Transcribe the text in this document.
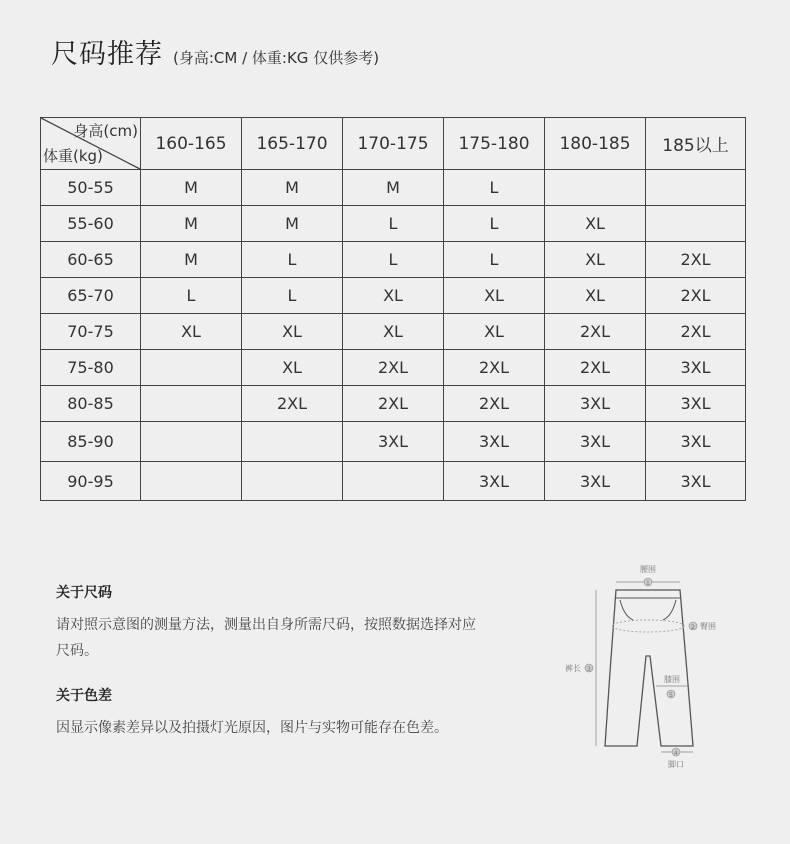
尺码推荐 (身高:CM / 体重:KG 仅供参考)
身高(cm)
体重(kg)	160-165	165-170	170-175	175-180	180-185	185以上
50-55	M	M	M	L		
55-60	M	M	L	L	XL	
60-65	M	L	L	L	XL	2XL
65-70	L	L	XL	XL	XL	2XL
70-75	XL	XL	XL	XL	2XL	2XL
75-80		XL	2XL	2XL	2XL	3XL
80-85		2XL	2XL	2XL	3XL	3XL
85-90			3XL	3XL	3XL	3XL
90-95				3XL	3XL	3XL
关于尺码

请对照示意图的测量方法，测量出自身所需尺码，按照数据选择对应尺码。

关于色差

因显示像素差异以及拍摄灯光原因，图片与实物可能存在色差。

腰围
1
2 臀围
裤长 3
膝围
5
4
脚口
